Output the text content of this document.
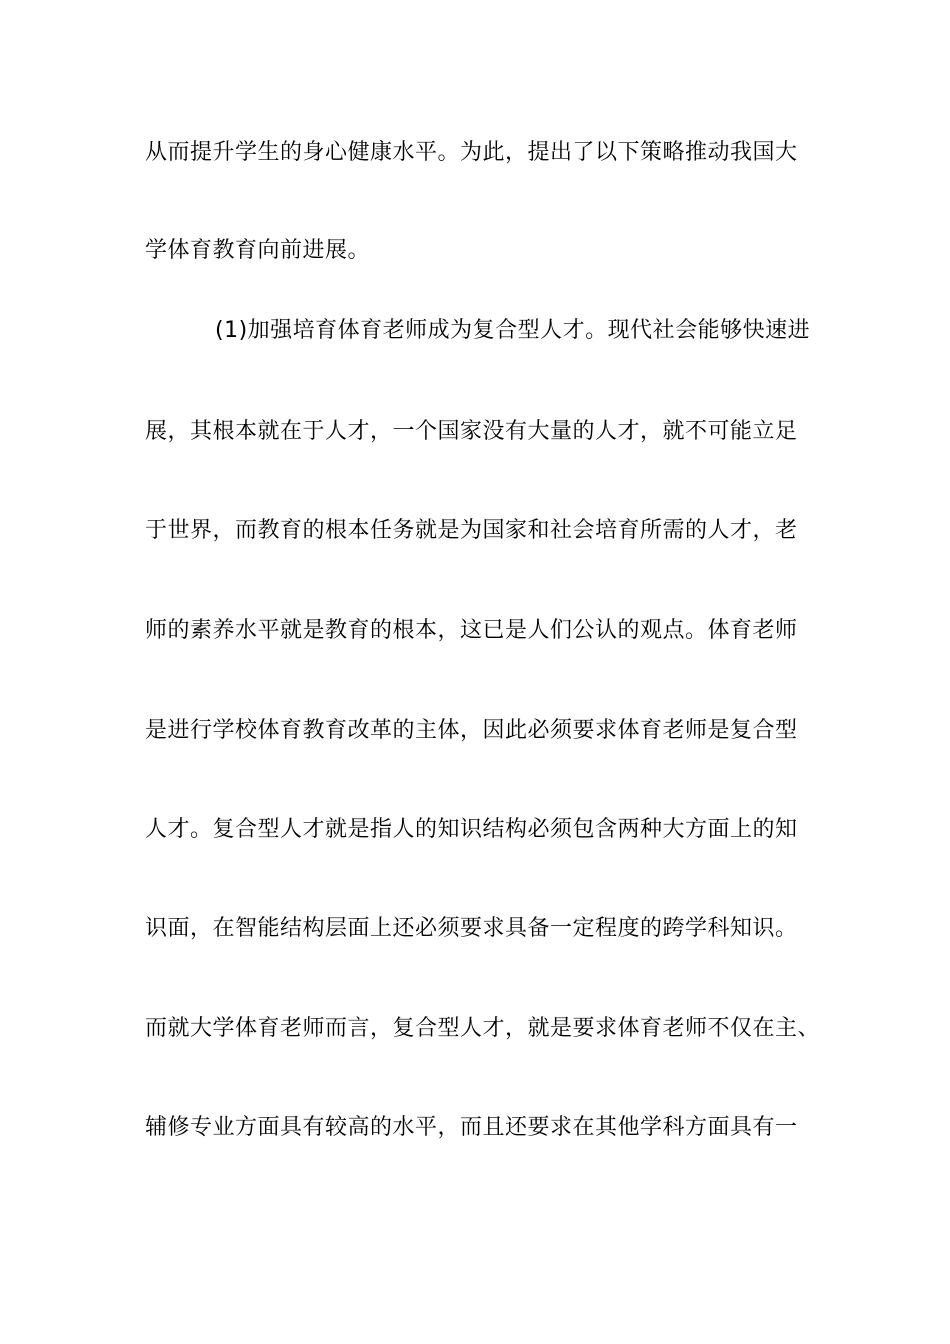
从而提升学生的身心健康水平。为此，提出了以下策略推动我国大
学体育教育向前进展。
(1)加强培育体育老师成为复合型人才。现代社会能够快速进
展，其根本就在于人才，一个国家没有大量的人才，就不可能立足
于世界，而教育的根本任务就是为国家和社会培育所需的人才，老
师的素养水平就是教育的根本，这已是人们公认的观点。体育老师
是进行学校体育教育改革的主体，因此必须要求体育老师是复合型
人才。复合型人才就是指人的知识结构必须包含两种大方面上的知
识面，在智能结构层面上还必须要求具备一定程度的跨学科知识。
而就大学体育老师而言，复合型人才，就是要求体育老师不仅在主、
辅修专业方面具有较高的水平，而且还要求在其他学科方面具有一
